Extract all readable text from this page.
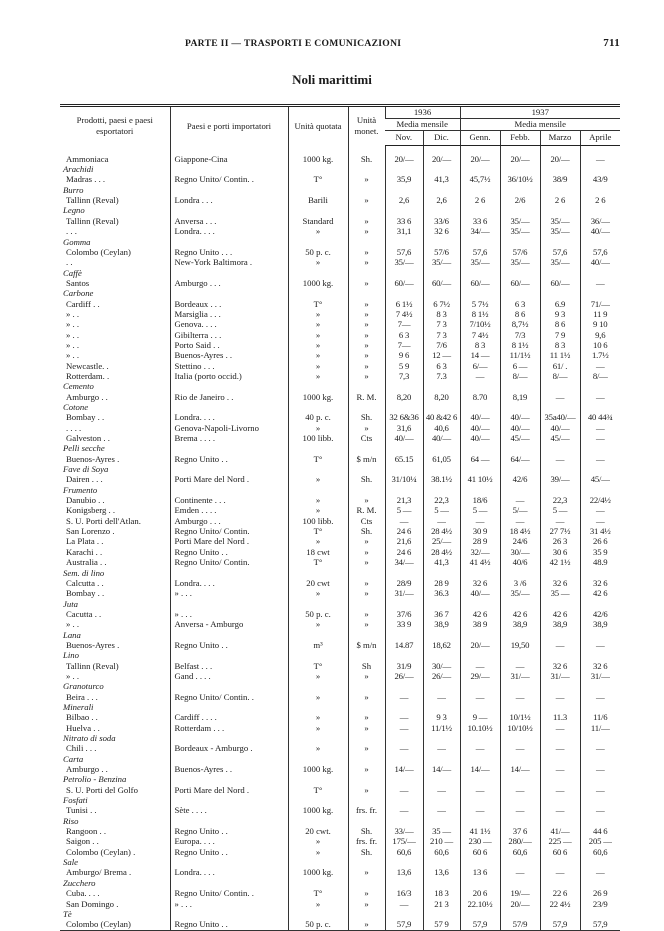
PARTE II — TRASPORTI E COMUNICAZIONI	711
Noli marittimi
Prodotti, paesi e paesi esportatori	Paesi e porti importatori	Unità quotata	Unità monet.	1936		1937			
				Media mensile		Media mensile			
				Nov.	Dic.	Genn.	Febb.	Marzo	Aprile

Ammoniaca	Giappone-Cina	1000 kg.	Sh.	20/—	20/—	20/—	20/—	20/—	—
Arachidi									
Madras . . .	Regno Unito/ Contin. .	T°	»	35,9	41,3	45,7½	36/10½	38/9	43/9
Burro									
Tallinn (Reval)	Londra . . .	Barili	»	2,6	2,6	2 6	2/6	2 6	2 6
Legno									
Tallinn (Reval)	Anversa . . .	Standard	»	33 6	33/6	33 6	35/—	35/—	36/—
. . .	Londra. . . .	»	»	31,1	32 6	34/—	35/—	35/—	40/—
Gomma									
Colombo (Ceylan)	Regno Unito . . .	50 p. c.	»	57,6	57/6	57,6	57/6	57,6	57,6
. .	New-York Baltimora .	»	»	35/—	35/—	35/—	35/—	35/—	40/—
Caffè									
Santos	Amburgo . . .	1000 kg.	»	60/—	60/—	60/—	60/—	60/—	—
Carbone									
Cardiff . .	Bordeaux . . .	T°	»	6 1½	6 7½	5 7½	6 3	6.9	71/—
» . .	Marsiglia . . .	»	»	7 4½	8 3	8 1½	8 6	9 3	11 9
» . .	Genova. . . .	»	»	7—	7 3	7/10½	8,7½	8 6	9 10
» . .	Gibilterra . . .	»	»	6 3	7 3	7 4½	7/3	7 9	9,6
» . .	Porto Said . .	»	»	7—	7/6	8 3	8 1½	8 3	10 6
» . .	Buenos-Ayres . .	»	»	9 6	12 —	14 —	11/1½	11 1½	1.7½
Newcastle. .	Stettino . . .	»	»	5 9	6 3	6/—	6 —	61/ .	—
Rotterdam. .	Italia (porto occid.)	»	»	7,3	7.3	—	8/—	8/—	8/—
Cemento									
Amburgo . .	Rio de Janeiro . .	1000 kg.	R. M.	8,20	8,20	8.70	8,19	—	—
Cotone									
Bombay . .	Londra. . . .	40 p. c.	Sh.	32 6&36	40 &42 6	40/—	40/—	35a40/—	40 44¾
. . . .	Genova-Napoli-Livorno	»	»	31,6	40,6	40/—	40/—	40/—	—
Galveston . .	Brema . . . .	100 libb.	Cts	40/—	40/—	40/—	45/—	45/—	—
Pelli secche									
Buenos-Ayres .	Regno Unito . .	T°	$ m/n	65.15	61,05	64 —	64/—	—	—
Fave di Soya									
Dairen . . .	Porti Mare del Nord .	»	Sh.	31/10¼	38.1½	41 10½	42/6	39/—	45/—
Frumento									
Danubio . .	Continente . . .	»	»	21,3	22,3	18/6	—	22,3	22/4½
Konigsberg . .	Emden . . . .	»	R. M.	5 —	5 —	5 —	5/—	5 —	—
S. U. Porti dell'Atlan.	Amburgo . . .	100 libb.	Cts	—	—	—	—	—	—
San Lorenzo .	Regno Unito/ Contin.	T°	Sh.	24 6	28 4½	30 9	18 4½	27 7½	31 4½
La Plata . .	Porti Mare del Nord .	»	»	21,6	25/—	28 9	24/6	26 3	26 6
Karachi . .	Regno Unito . .	18 cwt	»	24 6	28 4½	32/—	30/—	30 6	35 9
Australia . .	Regno Unito/ Contin.	T°	»	34/—	41,3	41 4½	40/6	42 1½	48.9
Sem. di lino									
Calcutta . .	Londra. . . .	20 cwt	»	28/9	28 9	32 6	3 /6	32 6	32 6
Bombay . .	» . . .	»	»	31/—	36.3	40/—	35/—	35 —	42 6
Juta									
Cacutta . .	» . . .	50 p. c.	»	37/6	36 7	42 6	42 6	42 6	42/6
» . .	Anversa - Amburgo	»	»	33 9	38,9	38 9	38,9	38,9	38,9
Lana									
Buenos-Ayres .	Regno Unito . .	m³	$ m/n	14.87	18,62	20/—	19,50	—	—
Lino									
Tallinn (Reval)	Belfast . . .	T°	Sh	31/9	30/—	—	—	32 6	32 6
» . .	Gand . . . .	»	»	26/—	26/—	29/—	31/—	31/—	31/—
Granoturco									
Beira . . .	Regno Unito/ Contin. .	»	»	—	—	—	—	—	—
Minerali									
Bilbao . .	Cardiff . . . .	»	»	—	9 3	9 —	10/1½	11.3	11/6
Huelva . .	Rotterdam . . .	»	»	—	11/1½	10.10½	10/10½	—	11/—
Nitrato di soda									
Chili . . .	Bordeaux - Amburgo .	»	»	—	—	—	—	—	—
Carta									
Amburgo . .	Buenos-Ayres . .	1000 kg.	»	14/—	14/—	14/—	14/—	—	—
Petrolio - Benzina									
S. U. Porti del Golfo	Porti Mare del Nord .	T°	»	—	—	—	—	—	—
Fosfati									
Tunisi . .	Sète . . . .	1000 kg.	frs. fr.	—	—	—	—	—	—
Riso									
Rangoon . .	Regno Unito . .	20 cwt.	Sh.	33/—	35 —	41 1½	37 6	41/—	44 6
Saigon . .	Europa. . . .	»	frs. fr.	175/—	210 —	230 —	280/—	225 —	205 —
Colombo (Ceylan) .	Regno Unito . .	»	Sh.	60,6	60,6	60 6	60,6	60 6	60,6
Sale									
Amburgo/ Brema .	Londra. . . .	1000 kg.	»	13,6	13,6	13 6	—	—	—
Zucchero									
Cuba. . . .	Regno Unito/ Contin. .	T°	»	16/3	18 3	20 6	19/—	22 6	26 9
San Domingo .	» . . .	»	»	—	21 3	22.10½	20/—	22 4½	23/9
Tè									
Colombo (Ceylan)	Regno Unito . .	50 p. c.	»	57,9	57 9	57,9	57/9	57,9	57,9
